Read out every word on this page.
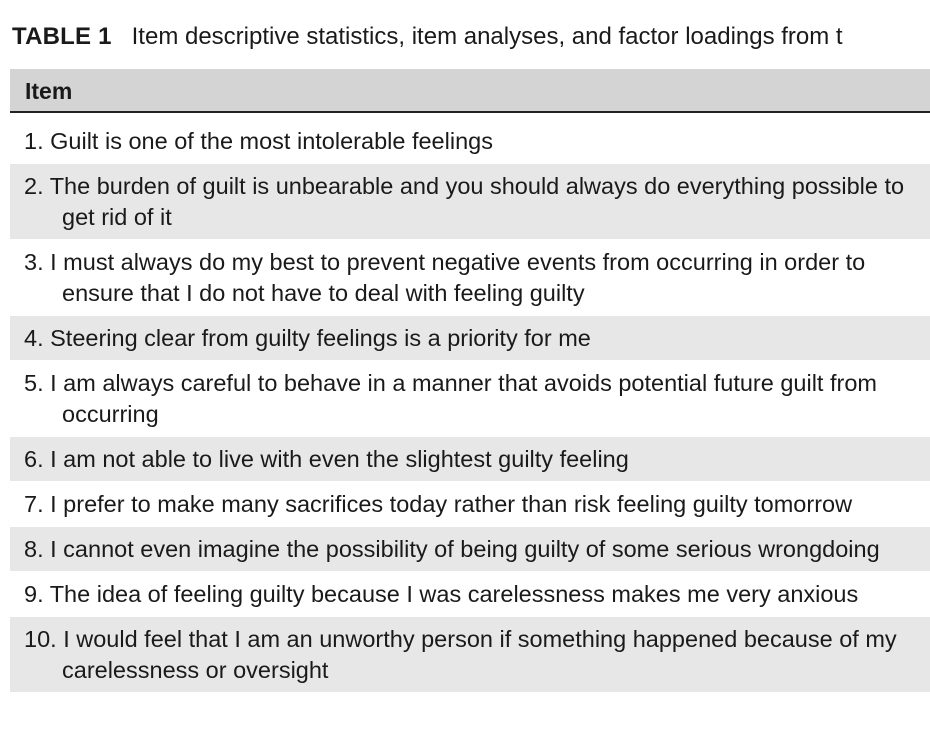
TABLE 1 Item descriptive statistics, item analyses, and factor loadings from t
Item
1. Guilt is one of the most intolerable feelings
2. The burden of guilt is unbearable and you should always do everything possible to get rid of it
3. I must always do my best to prevent negative events from occurring in order to ensure that I do not have to deal with feeling guilty
4. Steering clear from guilty feelings is a priority for me
5. I am always careful to behave in a manner that avoids potential future guilt from occurring
6. I am not able to live with even the slightest guilty feeling
7. I prefer to make many sacrifices today rather than risk feeling guilty tomorrow
8. I cannot even imagine the possibility of being guilty of some serious wrongdoing
9. The idea of feeling guilty because I was carelessness makes me very anxious
10. I would feel that I am an unworthy person if something happened because of my carelessness or oversight
